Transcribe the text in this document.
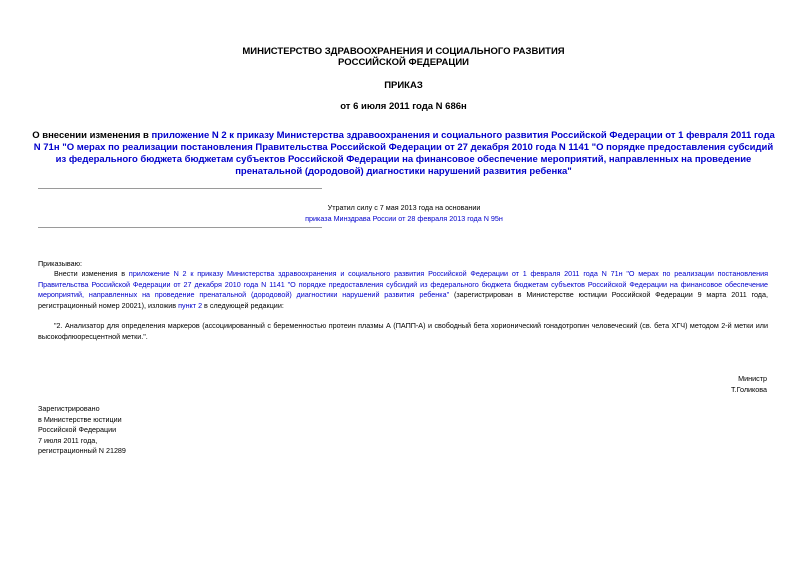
МИНИСТЕРСТВО ЗДРАВООХРАНЕНИЯ И СОЦИАЛЬНОГО РАЗВИТИЯ
РОССИЙСКОЙ ФЕДЕРАЦИИ
ПРИКАЗ
от 6 июля 2011 года N 686н
О внесении изменения в приложение N 2 к приказу Министерства здравоохранения и социального развития Российской Федерации от 1 февраля 2011 года N 71н "О мерах по реализации постановления Правительства Российской Федерации от 27 декабря 2010 года N 1141 "О порядке предоставления субсидий из федерального бюджета бюджетам субъектов Российской Федерации на финансовое обеспечение мероприятий, направленных на проведение пренатальной (дородовой) диагностики нарушений развития ребенка"
Утратил силу с 7 мая 2013 года на основании
приказа Минздрава России от 28 февраля 2013 года N 95н
Приказываю:
Внести изменения в приложение N 2 к приказу Министерства здравоохранения и социального развития Российской Федерации от 1 февраля 2011 года N 71н "О мерах по реализации постановления Правительства Российской Федерации от 27 декабря 2010 года N 1141 "О порядке предоставления субсидий из федерального бюджета бюджетам субъектов Российской Федерации на финансовое обеспечение мероприятий, направленных на проведение пренатальной (дородовой) диагностики нарушений развития ребенка" (зарегистрирован в Министерстве юстиции Российской Федерации 9 марта 2011 года, регистрационный номер 20021), изложив пункт 2 в следующей редакции:
"2. Анализатор для определения маркеров (ассоциированный с беременностью протеин плазмы А (ПАПП-А) и свободный бета хорионический гонадотропин человеческий (св. бета ХГЧ) методом 2-й метки или высокофлюоресцентной метки.".
Министр
Т.Голикова
Зарегистрировано
в Министерстве юстиции
Российской Федерации
7 июля 2011 года,
регистрационный N 21289
